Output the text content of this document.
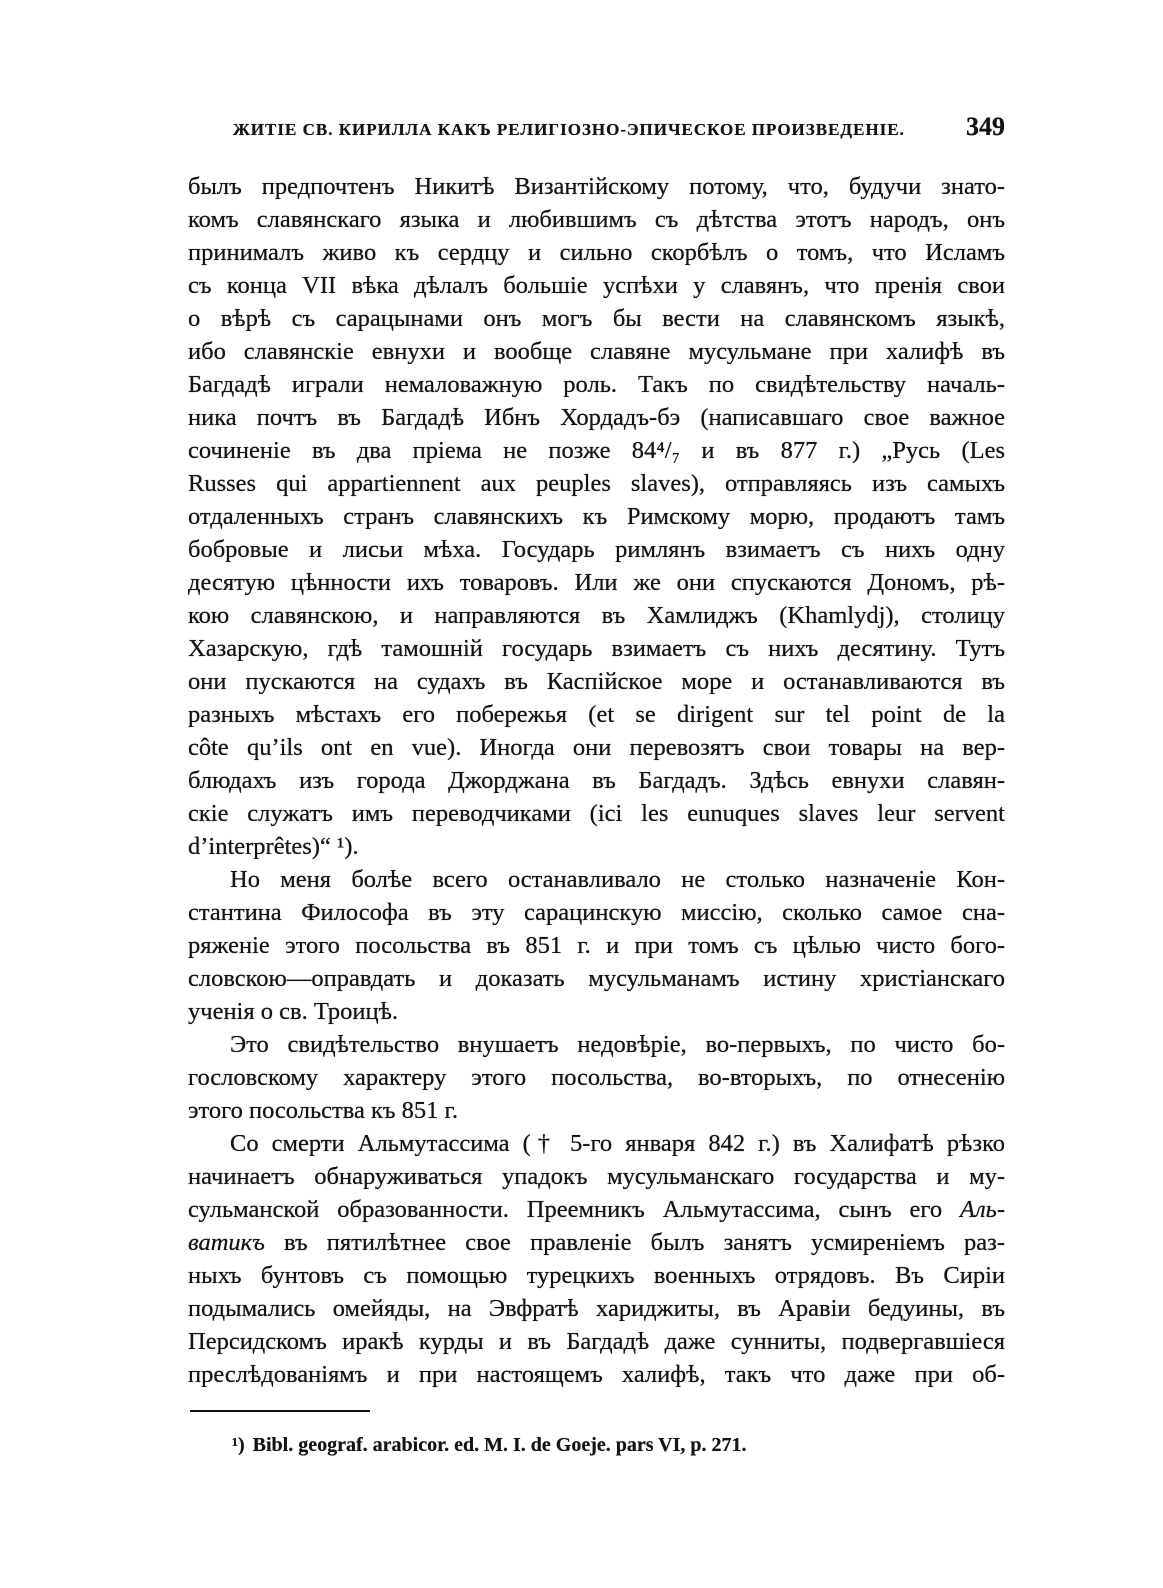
ЖИТІЕ СВ. КИРИЛЛА КАКЪ РЕЛИГІОЗНО-ЭПИЧЕСКОЕ ПРОИЗВЕДЕНІЕ. 349
былъ предпочтенъ Никитѣ Византійскому потому, что, будучи знато-
комъ славянскаго языка и любившимъ съ дѣтства этотъ народъ, онъ
принималъ живо къ сердцу и сильно скорбѣлъ о томъ, что Исламъ
съ конца VII вѣка дѣлалъ большіе успѣхи у славянъ, что пренія свои
о вѣрѣ съ сарацынами онъ могъ бы вести на славянскомъ языкѣ,
ибо славянскіе евнухи и вообще славяне мусульмане при халифѣ въ
Багдадѣ играли немаловажную роль. Такъ по свидѣтельству началь-
ника почтъ въ Багдадѣ Ибнъ Хордадъ-бэ (написавшаго свое важное
сочиненіе въ два пріема не позже 84⁴/₇ и въ 877 г.) „Русь (Les
Russes qui appartiennent aux peuples slaves), отправляясь изъ самыхъ
отдаленныхъ странъ славянскихъ къ Римскому морю, продаютъ тамъ
бобровые и лисьи мѣха. Государь римлянъ взимаетъ съ нихъ одну
десятую цѣнности ихъ товаровъ. Или же они спускаются Дономъ, рѣ-
кою славянскою, и направляются въ Хамлиджъ (Khamlydj), столицу
Хазарскую, гдѣ тамошній государь взимаетъ съ нихъ десятину. Тутъ
они пускаются на судахъ въ Каспійское море и останавливаются въ
разныхъ мѣстахъ его побережья (et se dirigent sur tel point de la
côte qu’ils ont en vue). Иногда они перевозятъ свои товары на вер-
блюдахъ изъ города Джорджана въ Багдадъ. Здѣсь евнухи славян-
скіе служатъ имъ переводчиками (ici les eunuques slaves leur servent
d’interprêtes)“ ¹).
Но меня болѣе всего останавливало не столько назначеніе Кон-
стантина Философа въ эту сарацинскую миссію, сколько самое сна-
ряженіе этого посольства въ 851 г. и при томъ съ цѣлью чисто бого-
словскою—оправдать и доказать мусульманамъ истину христіанскаго
ученія о св. Троицѣ.
Это свидѣтельство внушаетъ недовѣріе, во-первыхъ, по чисто бо-
гословскому характеру этого посольства, во-вторыхъ, по отнесенію
этого посольства къ 851 г.
Со смерти Альмутассима († 5-го января 842 г.) въ Халифатѣ рѣзко
начинаетъ обнаруживаться упадокъ мусульманскаго государства и му-
сульманской образованности. Преемникъ Альмутассима, сынъ его Аль-
ватикъ въ пятилѣтнее свое правленіе былъ занятъ усмиреніемъ раз-
ныхъ бунтовъ съ помощью турецкихъ военныхъ отрядовъ. Въ Сиріи
подымались омейяды, на Эвфратѣ хариджиты, въ Аравіи бедуины, въ
Персидскомъ иракѣ курды и въ Багдадѣ даже сунниты, подвергавшіеся
преслѣдованіямъ и при настоящемъ халифѣ, такъ что даже при об-
¹) Bibl. geograf. arabicor. ed. M. I. de Goeje. pars VI, p. 271.
